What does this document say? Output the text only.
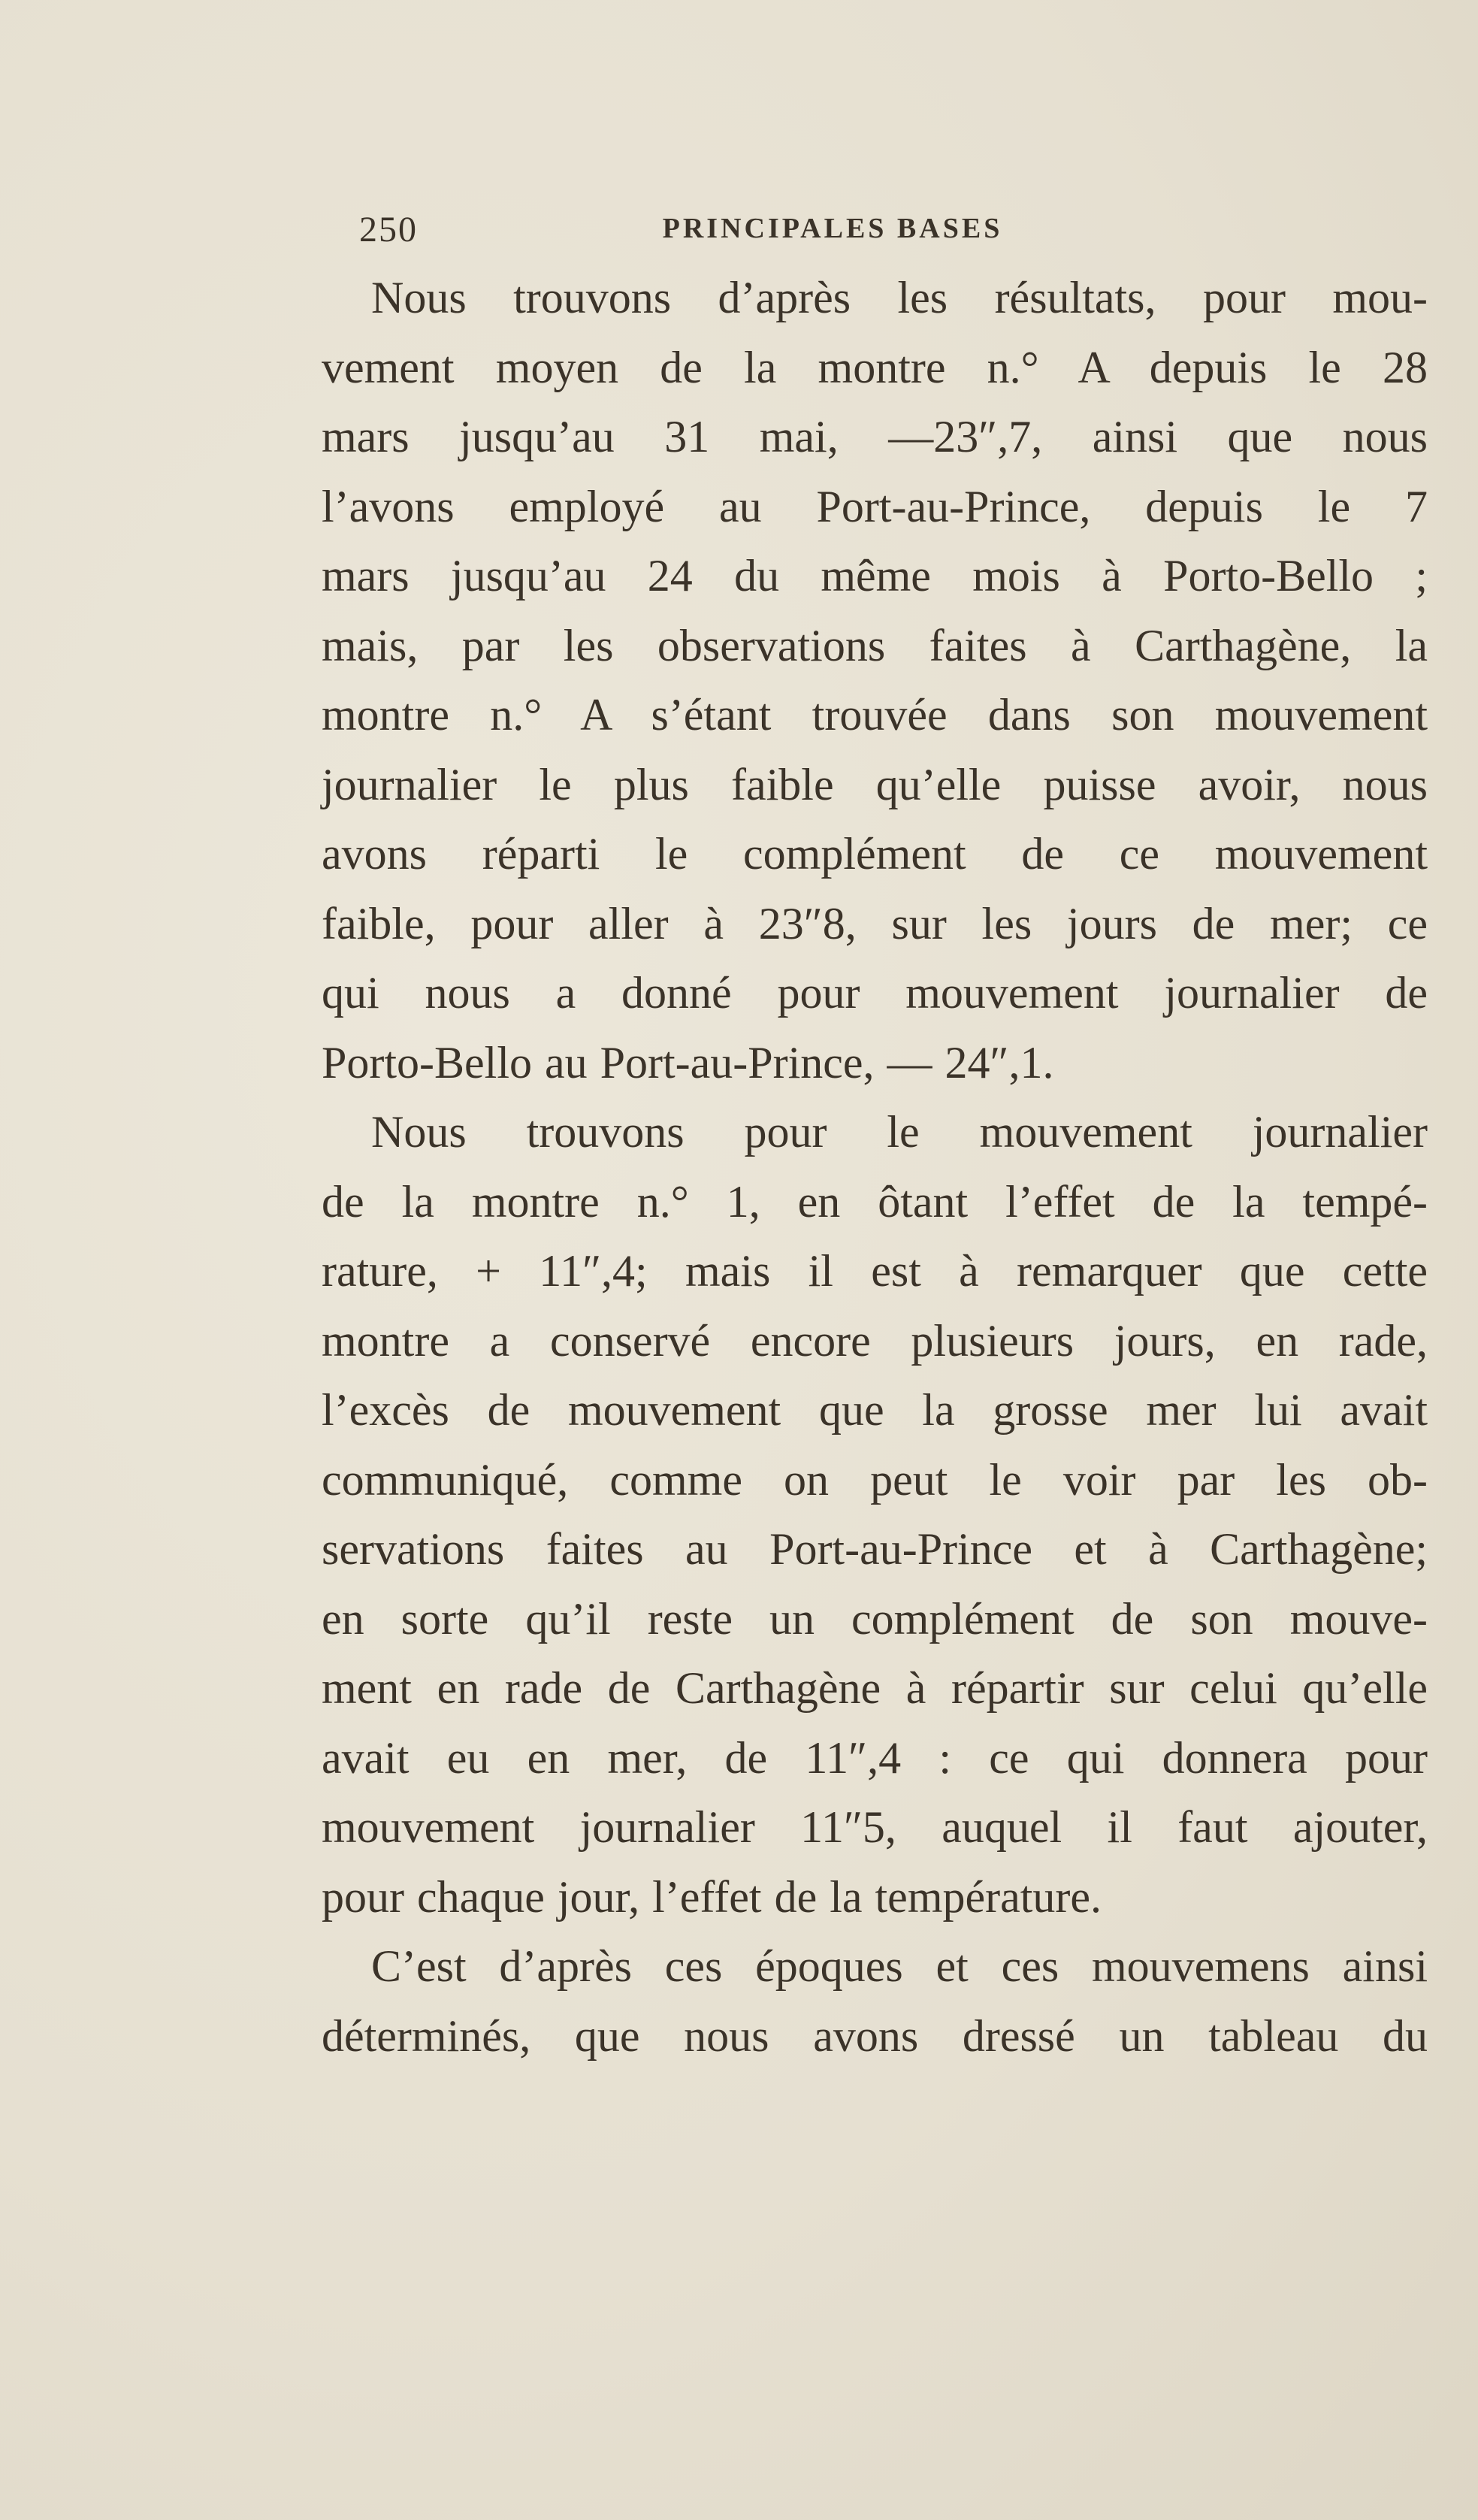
250	PRINCIPALES BASES
Nous trouvons d’après les résultats, pour mou-
vement moyen de la montre n.° A depuis le 28
mars jusqu’au 31 mai, —23″,7, ainsi que nous
l’avons employé au Port-au-Prince, depuis le 7
mars jusqu’au 24 du même mois à Porto-Bello ;
mais, par les observations faites à Carthagène, la
montre n.° A s’étant trouvée dans son mouvement
journalier le plus faible qu’elle puisse avoir, nous
avons réparti le complément de ce mouvement
faible, pour aller à 23″8, sur les jours de mer; ce
qui nous a donné pour mouvement journalier de
Porto-Bello au Port-au-Prince, — 24″,1.
Nous trouvons pour le mouvement journalier
de la montre n.° 1, en ôtant l’effet de la tempé-
rature, + 11″,4; mais il est à remarquer que cette
montre a conservé encore plusieurs jours, en rade,
l’excès de mouvement que la grosse mer lui avait
communiqué, comme on peut le voir par les ob-
servations faites au Port-au-Prince et à Carthagène;
en sorte qu’il reste un complément de son mouve-
ment en rade de Carthagène à répartir sur celui qu’elle
avait eu en mer, de 11″,4 : ce qui donnera pour
mouvement journalier 11″5, auquel il faut ajouter,
pour chaque jour, l’effet de la température.
C’est d’après ces époques et ces mouvemens ainsi
déterminés, que nous avons dressé un tableau du
